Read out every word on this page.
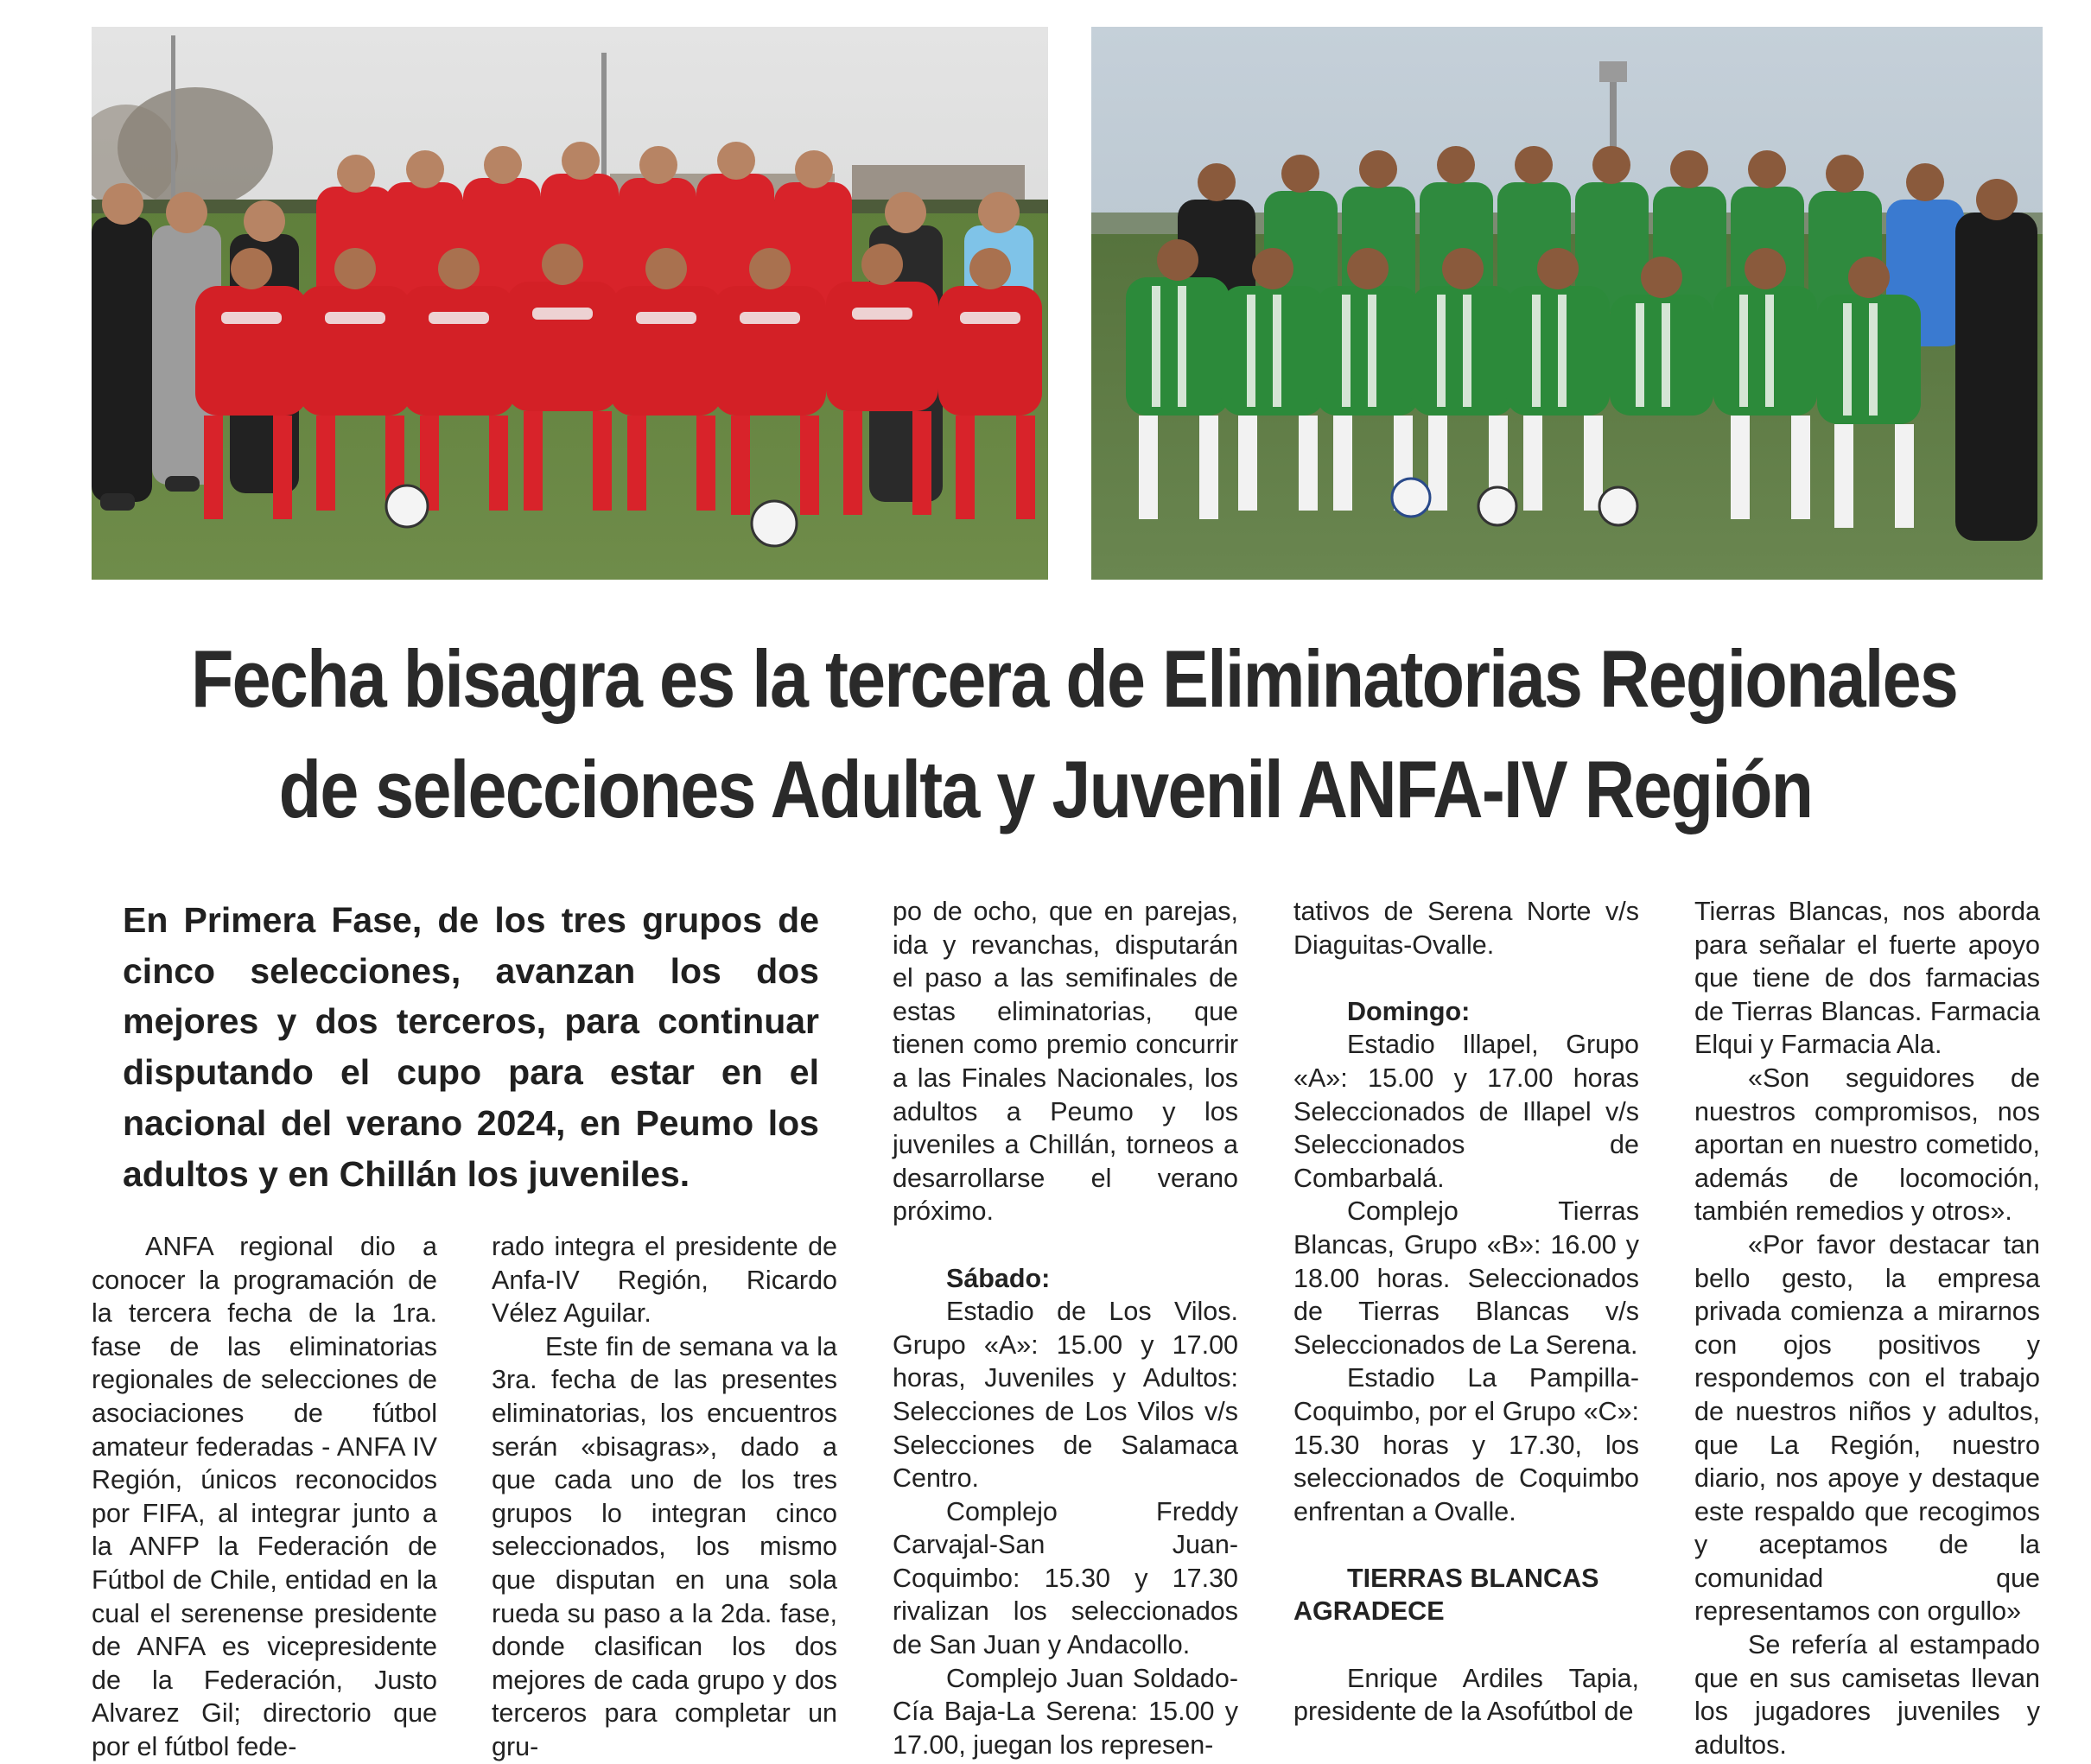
Fecha bisagra es la tercera de Eliminatorias Regionales
de selecciones Adulta y Juvenil ANFA-IV Región

En Primera Fase, de los tres grupos de cinco selecciones, avanzan los dos mejores y dos terceros, para continuar disputando el cupo para estar en el nacional del verano 2024, en Peumo los adultos y en Chillán los juveniles.

ANFA regional dio a conocer la programación de la tercera fecha de la 1ra. fase de las eliminatorias regionales de selecciones de asociaciones de fútbol amateur federadas - ANFA IV Región, únicos reconocidos por FIFA, al integrar junto a la ANFP la Federación de Fútbol de Chile, entidad en la cual el serenense presidente de ANFA es vicepresidente de la Federación, Justo Alvarez Gil; directorio que por el fútbol fede-

rado integra el presidente de Anfa-IV Región, Ricardo Vélez Aguilar.

Este fin de semana va la 3ra. fecha de las presentes eliminatorias, los encuentros serán «bisagras», dado a que cada uno de los tres grupos lo integran cinco seleccionados, los mismo que disputan en una sola rueda su paso a la 2da. fase, donde clasifican los dos mejores de cada grupo y dos terceros para completar un gru-

po de ocho, que en parejas, ida y revanchas, disputarán el paso a las semifinales de estas eliminatorias, que tienen como premio concurrir a las Finales Nacionales, los adultos a Peumo y los juveniles a Chillán, torneos a desarrollarse el verano próximo.

Sábado:

Estadio de Los Vilos. Grupo «A»: 15.00 y 17.00 horas, Juveniles y Adultos: Selecciones de Los Vilos v/s Selecciones de Salamaca Centro.

Complejo Freddy Carvajal-San Juan-Coquimbo: 15.30 y 17.30 rivalizan los seleccionados de San Juan y Andacollo.

Complejo Juan Soldado-Cía Baja-La Serena: 15.00 y 17.00, juegan los represen-

tativos de Serena Norte v/s Diaguitas-Ovalle.

Domingo:

Estadio Illapel, Grupo «A»: 15.00 y 17.00 horas Seleccionados de Illapel v/s Seleccionados de Combarbalá.

Complejo Tierras Blancas, Grupo «B»: 16.00 y 18.00 horas. Seleccionados de Tierras Blancas v/s Seleccionados de La Serena.

Estadio La Pampilla-Coquimbo, por el Grupo «C»: 15.30 horas y 17.30, los seleccionados de Coquimbo enfrentan a Ovalle.

TIERRAS BLANCAS AGRADECE

Enrique Ardiles Tapia, presidente de la Asofútbol de

Tierras Blancas, nos aborda para señalar el fuerte apoyo que tiene de dos farmacias de Tierras Blancas. Farmacia Elqui y Farmacia Ala.

«Son seguidores de nuestros compromisos, nos aportan en nuestro cometido, además de locomoción, también remedios y otros».

«Por favor destacar tan bello gesto, la empresa privada comienza a mirarnos con ojos positivos y respondemos con el trabajo de nuestros niños y adultos, que La Región, nuestro diario, nos apoye y destaque este respaldo que recogimos y aceptamos de la comunidad que representamos con orgullo»

Se refería al estampado que en sus camisetas llevan los jugadores juveniles y adultos.
